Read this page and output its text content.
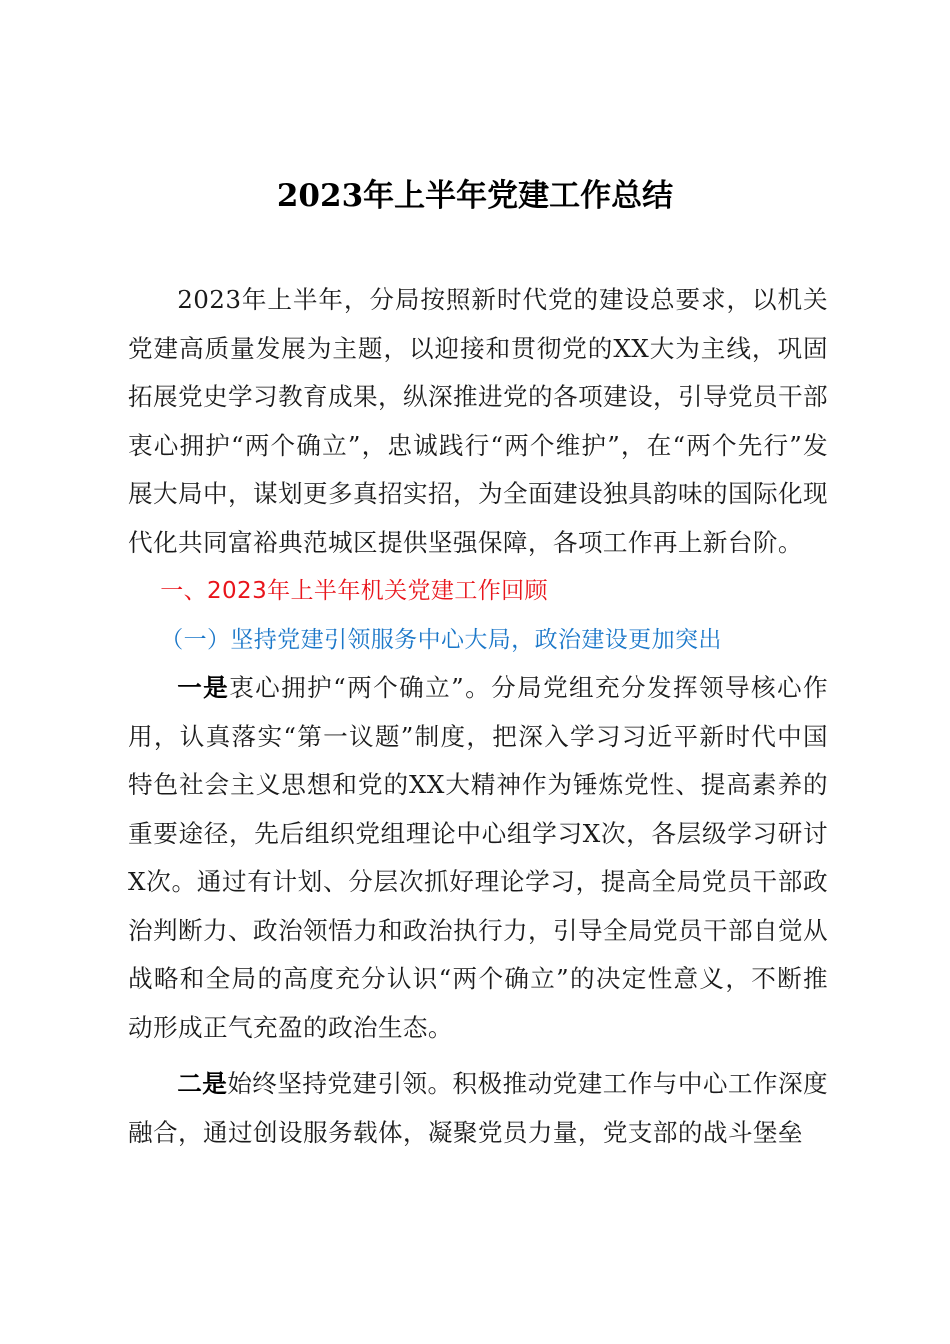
2023年上半年党建工作总结

2023年上半年，分局按照新时代党的建设总要求，以机关党建高质量发展为主题，以迎接和贯彻党的XX大为主线，巩固拓展党史学习教育成果，纵深推进党的各项建设，引导党员干部衷心拥护“两个确立”，忠诚践行“两个维护”，在“两个先行”发展大局中，谋划更多真招实招，为全面建设独具韵味的国际化现代化共同富裕典范城区提供坚强保障，各项工作再上新台阶。

一、2023年上半年机关党建工作回顾

（一）坚持党建引领服务中心大局，政治建设更加突出

一是衷心拥护“两个确立”。分局党组充分发挥领导核心作用，认真落实“第一议题”制度，把深入学习习近平新时代中国特色社会主义思想和党的XX大精神作为锤炼党性、提高素养的重要途径，先后组织党组理论中心组学习X次，各层级学习研讨X次。通过有计划、分层次抓好理论学习，提高全局党员干部政治判断力、政治领悟力和政治执行力，引导全局党员干部自觉从战略和全局的高度充分认识“两个确立”的决定性意义，不断推动形成正气充盈的政治生态。

二是始终坚持党建引领。积极推动党建工作与中心工作深度融合，通过创设服务载体，凝聚党员力量，党支部的战斗堡垒
